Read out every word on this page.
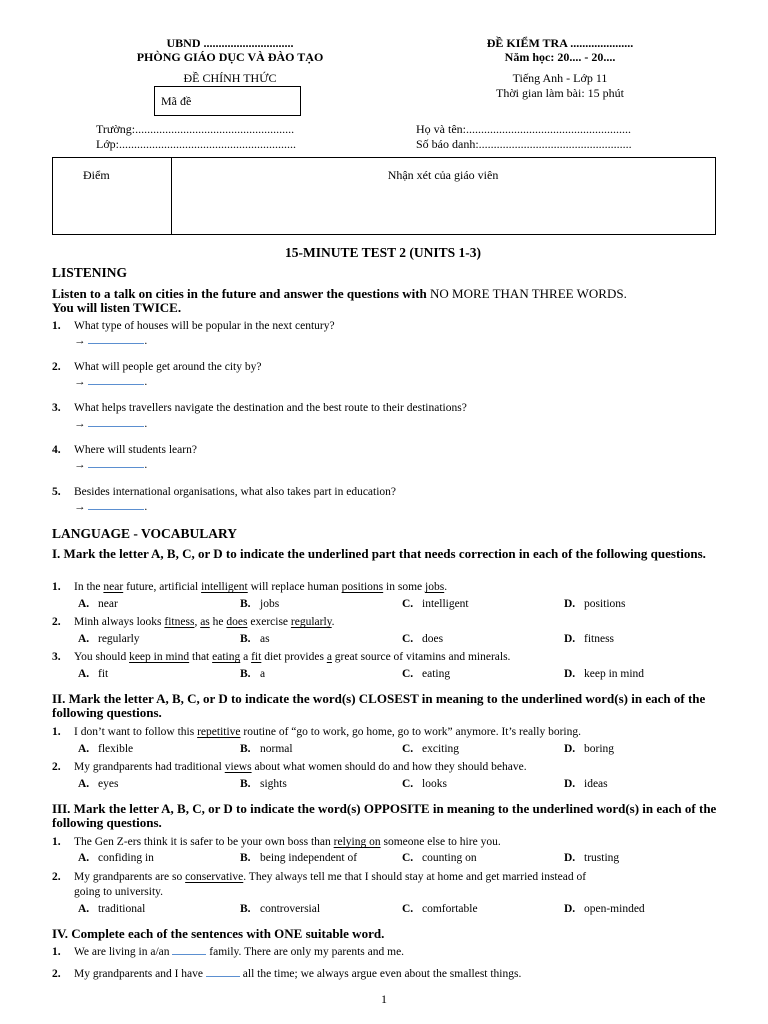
UBND ..............................
PHÒNG GIÁO DỤC VÀ ĐÀO TẠO
ĐỀ CHÍNH THỨC
Mã đề
ĐỀ KIỂM TRA .....................
Năm học: 20.... - 20....
Tiếng Anh - Lớp 11
Thời gian làm bài: 15 phút
Trường:.....................................................
Lớp:...........................................................
Họ và tên:.......................................................
Số báo danh:...................................................
Điểm	Nhận xét của giáo viên
15-MINUTE TEST 2 (UNITS 1-3)
LISTENING
Listen to a talk on cities in the future and answer the questions with NO MORE THAN THREE WORDS.
You will listen TWICE.
1. What type of houses will be popular in the next century?
→	.
2. What will people get around the city by?
→	.
3. What helps travellers navigate the destination and the best route to their destinations?
→	.
4. Where will students learn?
→	.
5. Besides international organisations, what also takes part in education?
→	.
LANGUAGE - VOCABULARY
I. Mark the letter A, B, C, or D to indicate the underlined part that needs correction in each of the following questions.
1. In the near future, artificial intelligent will replace human positions in some jobs.
A. near	B. jobs	C. intelligent	D. positions
2. Minh always looks fitness, as he does exercise regularly.
A. regularly	B. as	C. does	D. fitness
3. You should keep in mind that eating a fit diet provides a great source of vitamins and minerals.
A. fit	B. a	C. eating	D. keep in mind
II. Mark the letter A, B, C, or D to indicate the word(s) CLOSEST in meaning to the underlined word(s) in each of the following questions.
1. I don’t want to follow this repetitive routine of “go to work, go home, go to work” anymore. It’s really boring.
A. flexible	B. normal	C. exciting	D. boring
2. My grandparents had traditional views about what women should do and how they should behave.
A. eyes	B. sights	C. looks	D. ideas
III. Mark the letter A, B, C, or D to indicate the word(s) OPPOSITE in meaning to the underlined word(s) in each of the following questions.
1. The Gen Z-ers think it is safer to be your own boss than relying on someone else to hire you.
A. confiding in	B. being independent of	C. counting on	D. trusting
2. My grandparents are so conservative. They always tell me that I should stay at home and get married instead of
going to university.
A. traditional	B. controversial	C. comfortable	D. open-minded
IV. Complete each of the sentences with ONE suitable word.
1. We are living in a/an	family. There are only my parents and me.
2. My grandparents and I have	all the time; we always argue even about the smallest things.
1
